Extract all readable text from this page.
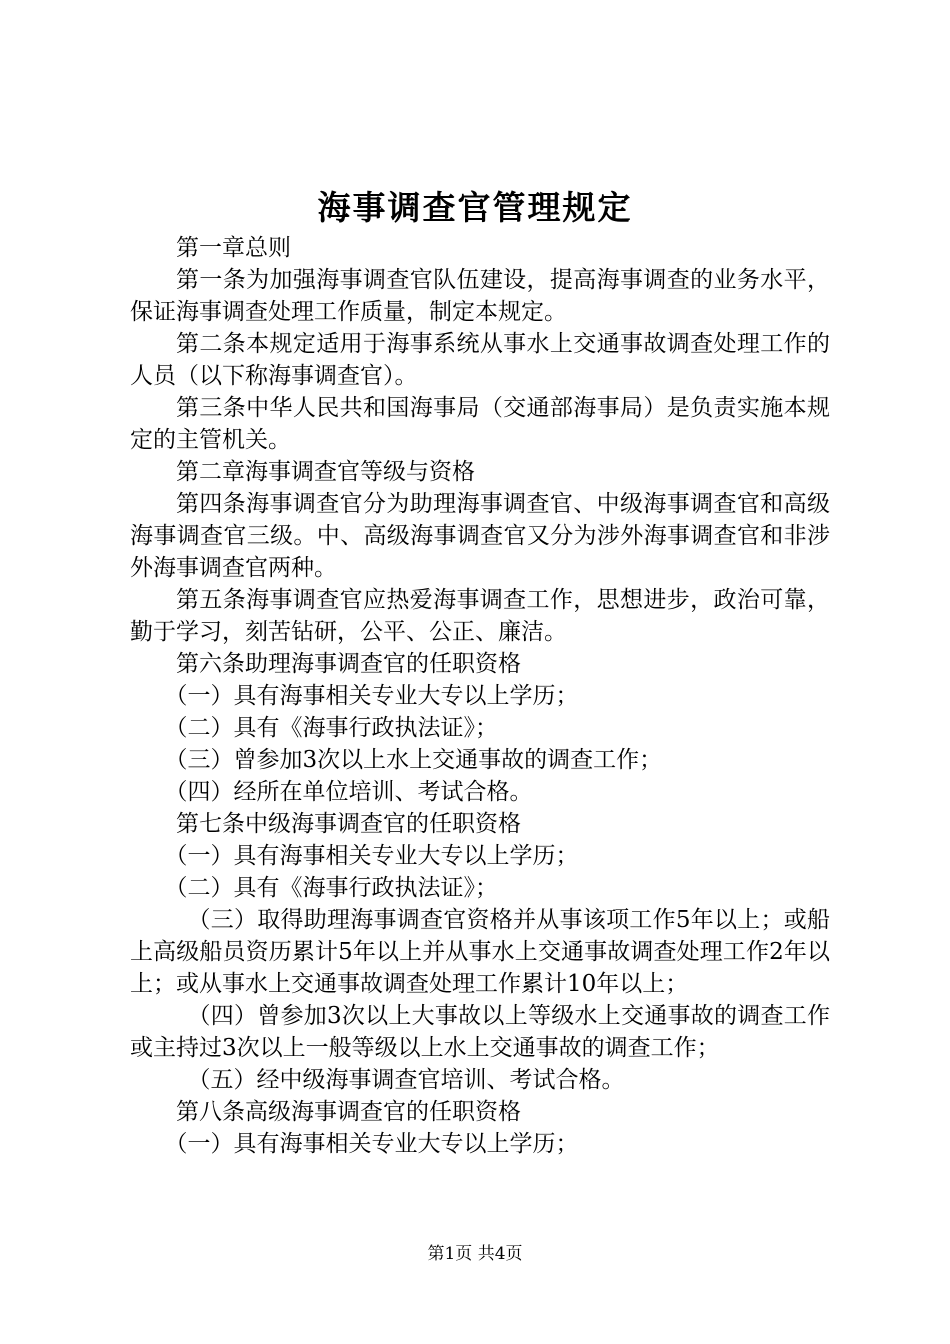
海事调查官管理规定

第一章总则

第一条为加强海事调查官队伍建设，提高海事调查的业务水平，保证海事调查处理工作质量，制定本规定。

第二条本规定适用于海事系统从事水上交通事故调查处理工作的人员（以下称海事调查官）。

第三条中华人民共和国海事局（交通部海事局）是负责实施本规定的主管机关。

第二章海事调查官等级与资格

第四条海事调查官分为助理海事调查官、中级海事调查官和高级海事调查官三级。中、高级海事调查官又分为涉外海事调查官和非涉外海事调查官两种。

第五条海事调查官应热爱海事调查工作，思想进步，政治可靠，勤于学习，刻苦钻研，公平、公正、廉洁。

第六条助理海事调查官的任职资格

（一）具有海事相关专业大专以上学历；

（二）具有《海事行政执法证》；

（三）曾参加3次以上水上交通事故的调查工作；

（四）经所在单位培训、考试合格。

第七条中级海事调查官的任职资格

（一）具有海事相关专业大专以上学历；

（二）具有《海事行政执法证》；

（三）取得助理海事调查官资格并从事该项工作5年以上；或船上高级船员资历累计5年以上并从事水上交通事故调查处理工作2年以上；或从事水上交通事故调查处理工作累计10年以上；

（四）曾参加3次以上大事故以上等级水上交通事故的调查工作或主持过3次以上一般等级以上水上交通事故的调查工作；

（五）经中级海事调查官培训、考试合格。

第八条高级海事调查官的任职资格

（一）具有海事相关专业大专以上学历；

第1页 共4页
